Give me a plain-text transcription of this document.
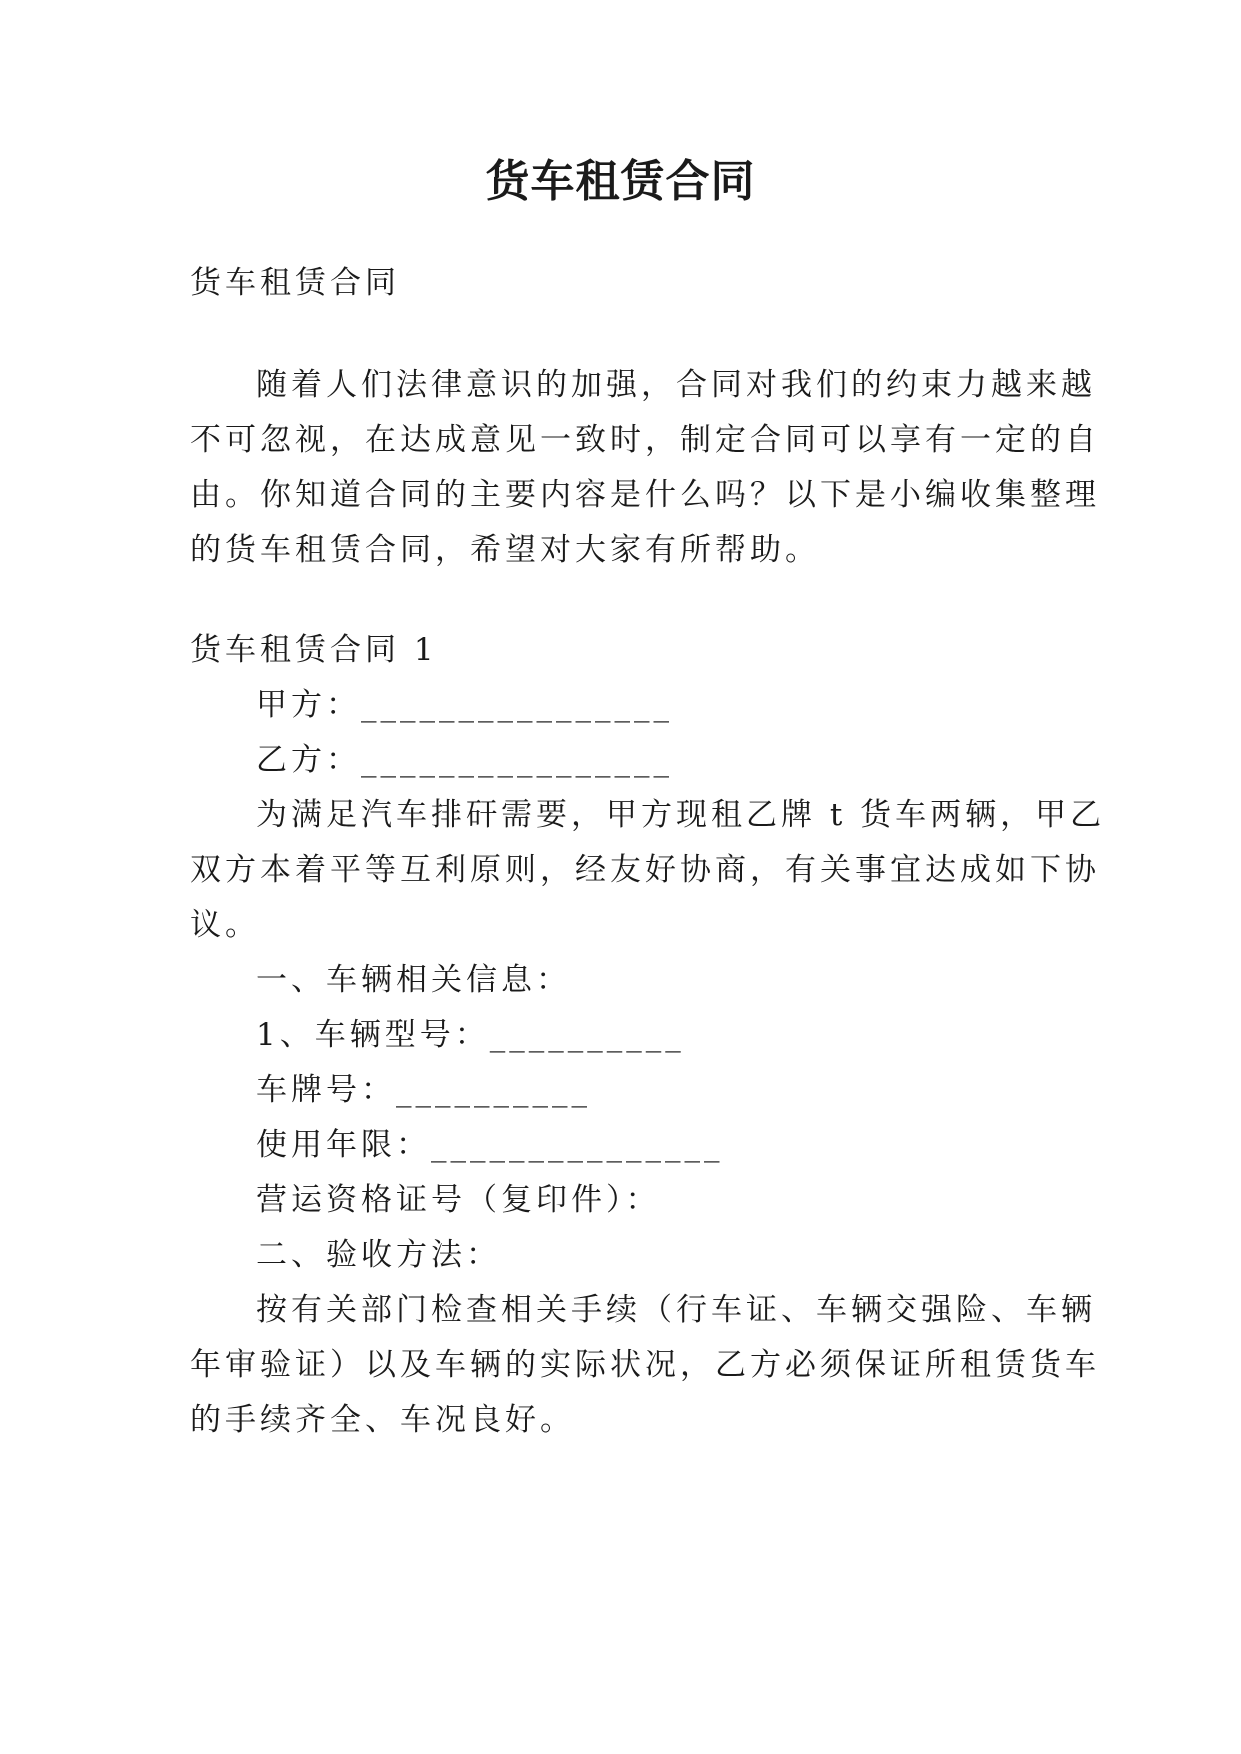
货车租赁合同
货车租赁合同
随着人们法律意识的加强，合同对我们的约束力越来越
不可忽视，在达成意见一致时，制定合同可以享有一定的自
由。你知道合同的主要内容是什么吗？以下是小编收集整理
的货车租赁合同，希望对大家有所帮助。
货车租赁合同 1
甲方：________________
乙方：________________
为满足汽车排矸需要，甲方现租乙牌 t 货车两辆，甲乙
双方本着平等互利原则，经友好协商，有关事宜达成如下协
议。
一、车辆相关信息：
1、车辆型号：__________
车牌号：__________
使用年限：_______________
营运资格证号（复印件）：
二、验收方法：
按有关部门检查相关手续（行车证、车辆交强险、车辆
年审验证）以及车辆的实际状况，乙方必须保证所租赁货车
的手续齐全、车况良好。
